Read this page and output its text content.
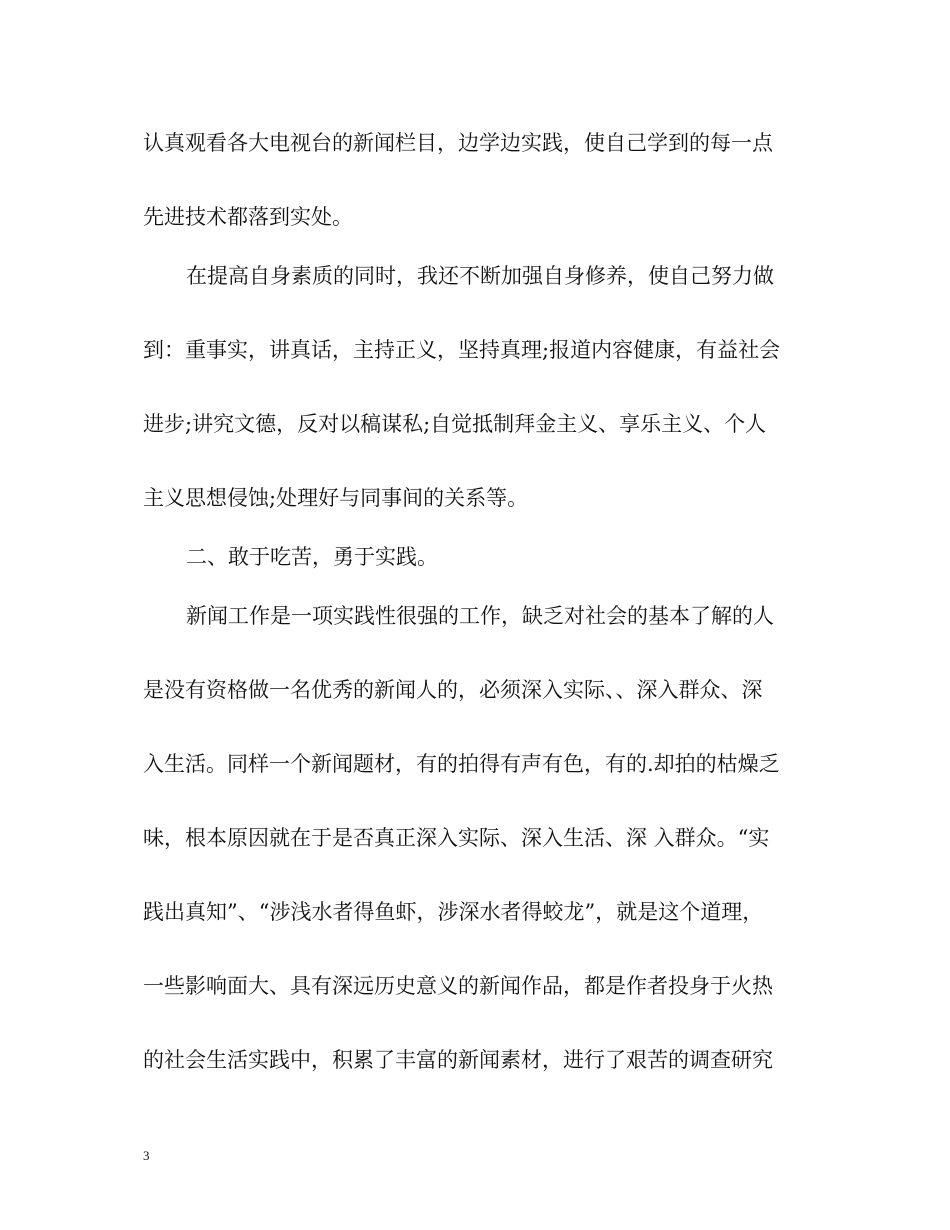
认真观看各大电视台的新闻栏目，边学边实践，使自己学到的每一点

先进技术都落到实处。

在提高自身素质的同时，我还不断加强自身修养，使自己努力做

到：重事实，讲真话，主持正义，坚持真理;报道内容健康，有益社会

进步;讲究文德，反对以稿谋私;自觉抵制拜金主义、享乐主义、个人

主义思想侵蚀;处理好与同事间的关系等。

二、敢于吃苦，勇于实践。

新闻工作是一项实践性很强的工作，缺乏对社会的基本了解的人

是没有资格做一名优秀的新闻人的，必须深入实际、、深入群众、深

入生活。同样一个新闻题材，有的拍得有声有色，有的.却拍的枯燥乏

味，根本原因就在于是否真正深入实际、深入生活、深 入群众。“实

践出真知”、“涉浅水者得鱼虾，涉深水者得蛟龙”，就是这个道理，

一些影响面大、具有深远历史意义的新闻作品，都是作者投身于火热

的社会生活实践中，积累了丰富的新闻素材，进行了艰苦的调查研究

3
